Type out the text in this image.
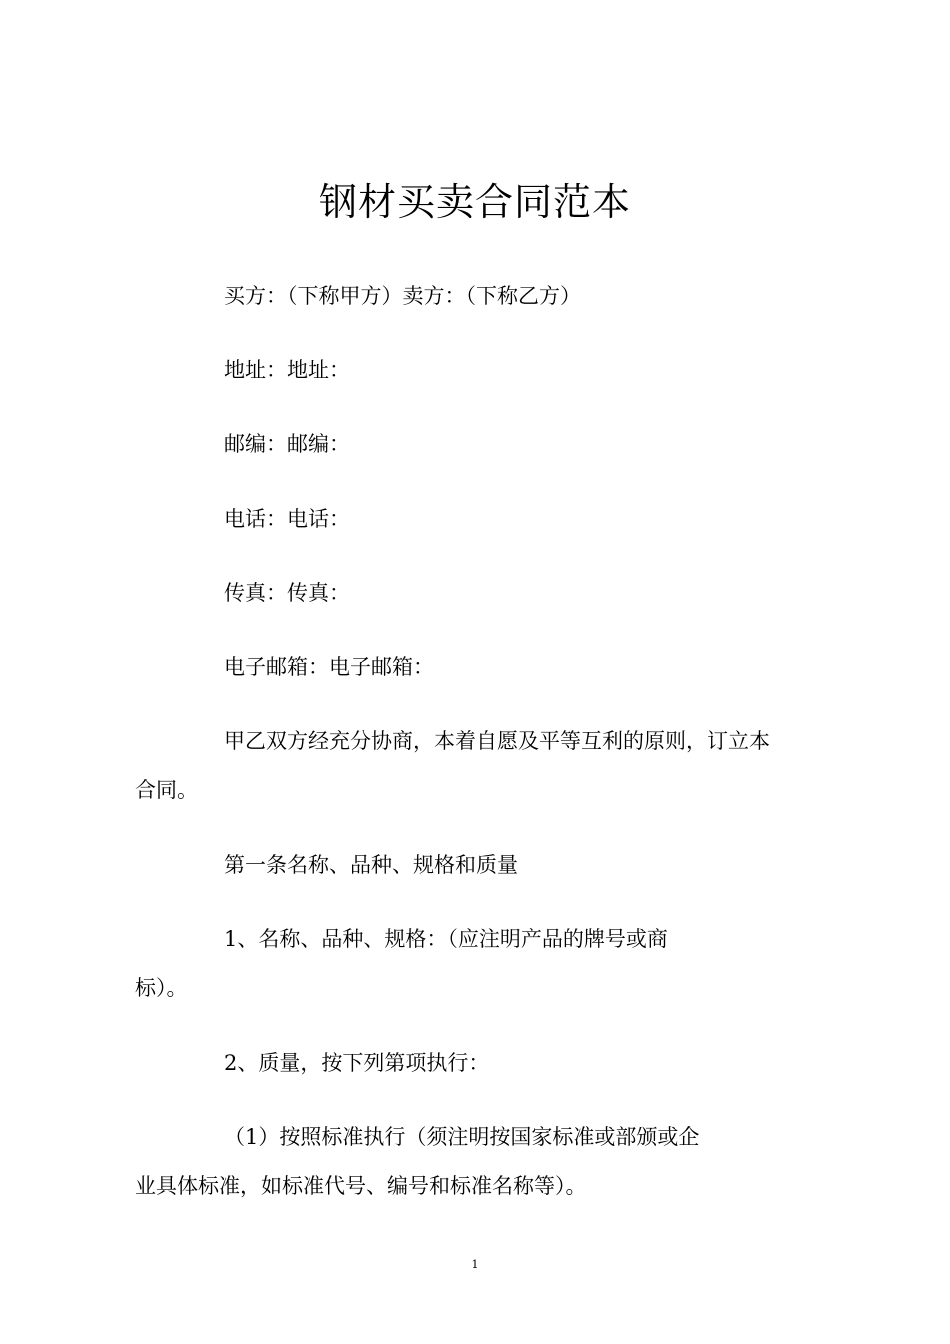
钢材买卖合同范本

买方：（下称甲方）卖方：（下称乙方）

地址：地址：

邮编：邮编：

电话：电话：

传真：传真：

电子邮箱：电子邮箱：

甲乙双方经充分协商，本着自愿及平等互利的原则，订立本
合同。

第一条名称、品种、规格和质量

1、名称、品种、规格：（应注明产品的牌号或商
标）。

2、质量，按下列第项执行：

（1）按照标准执行（须注明按国家标准或部颁或企
业具体标准，如标准代号、编号和标准名称等）。

1
